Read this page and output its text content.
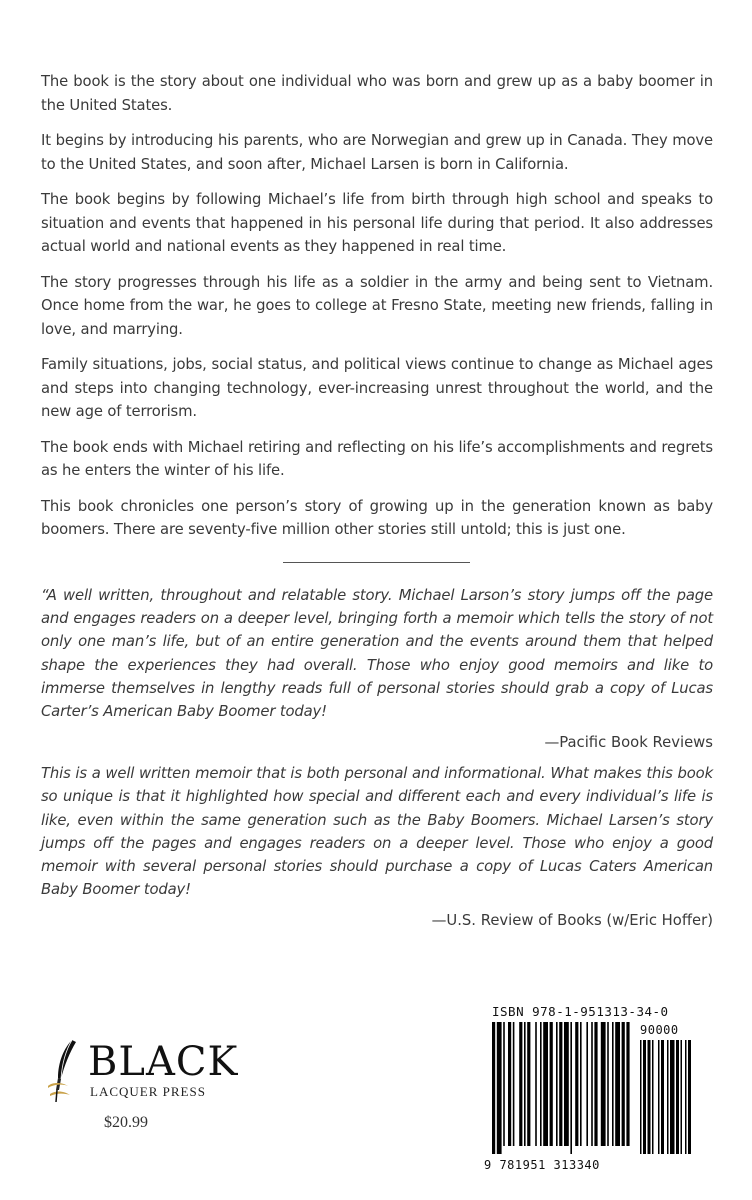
The book is the story about one individual who was born and grew up as a baby boomer in the United States.

It begins by introducing his parents, who are Norwegian and grew up in Canada. They move to the United States, and soon after, Michael Larsen is born in California.

The book begins by following Michael’s life from birth through high school and speaks to situation and events that happened in his personal life during that period. It also addresses actual world and national events as they happened in real time.

The story progresses through his life as a soldier in the army and being sent to Vietnam. Once home from the war, he goes to college at Fresno State, meeting new friends, falling in love, and marrying.

Family situations, jobs, social status, and political views continue to change as Michael ages and steps into changing technology, ever-increasing unrest throughout the world, and the new age of terrorism.

The book ends with Michael retiring and reflecting on his life’s accomplishments and regrets as he enters the winter of his life.

This book chronicles one person’s story of growing up in the generation known as baby boomers. There are seventy-five million other stories still untold; this is just one.

“A well written, throughout and relatable story. Michael Larson’s story jumps off the page and engages readers on a deeper level, bringing forth a memoir which tells the story of not only one man’s life, but of an entire generation and the events around them that helped shape the experiences they had overall. Those who enjoy good memoirs and like to immerse themselves in lengthy reads full of personal stories should grab a copy of Lucas Carter’s American Baby Boomer today!

—Pacific Book Reviews

This is a well written memoir that is both personal and informational. What makes this book so unique is that it highlighted how special and different each and every individual’s life is like, even within the same generation such as the Baby Boomers. Michael Larsen’s story jumps off the pages and engages readers on a deeper level. Those who enjoy a good memoir with several personal stories should purchase a copy of Lucas Caters American Baby Boomer today!

—U.S. Review of Books (w/Eric Hoffer)

BLACK
LACQUER PRESS
$20.99
ISBN 978-1-951313-34-0
90000
9 781951 313340
